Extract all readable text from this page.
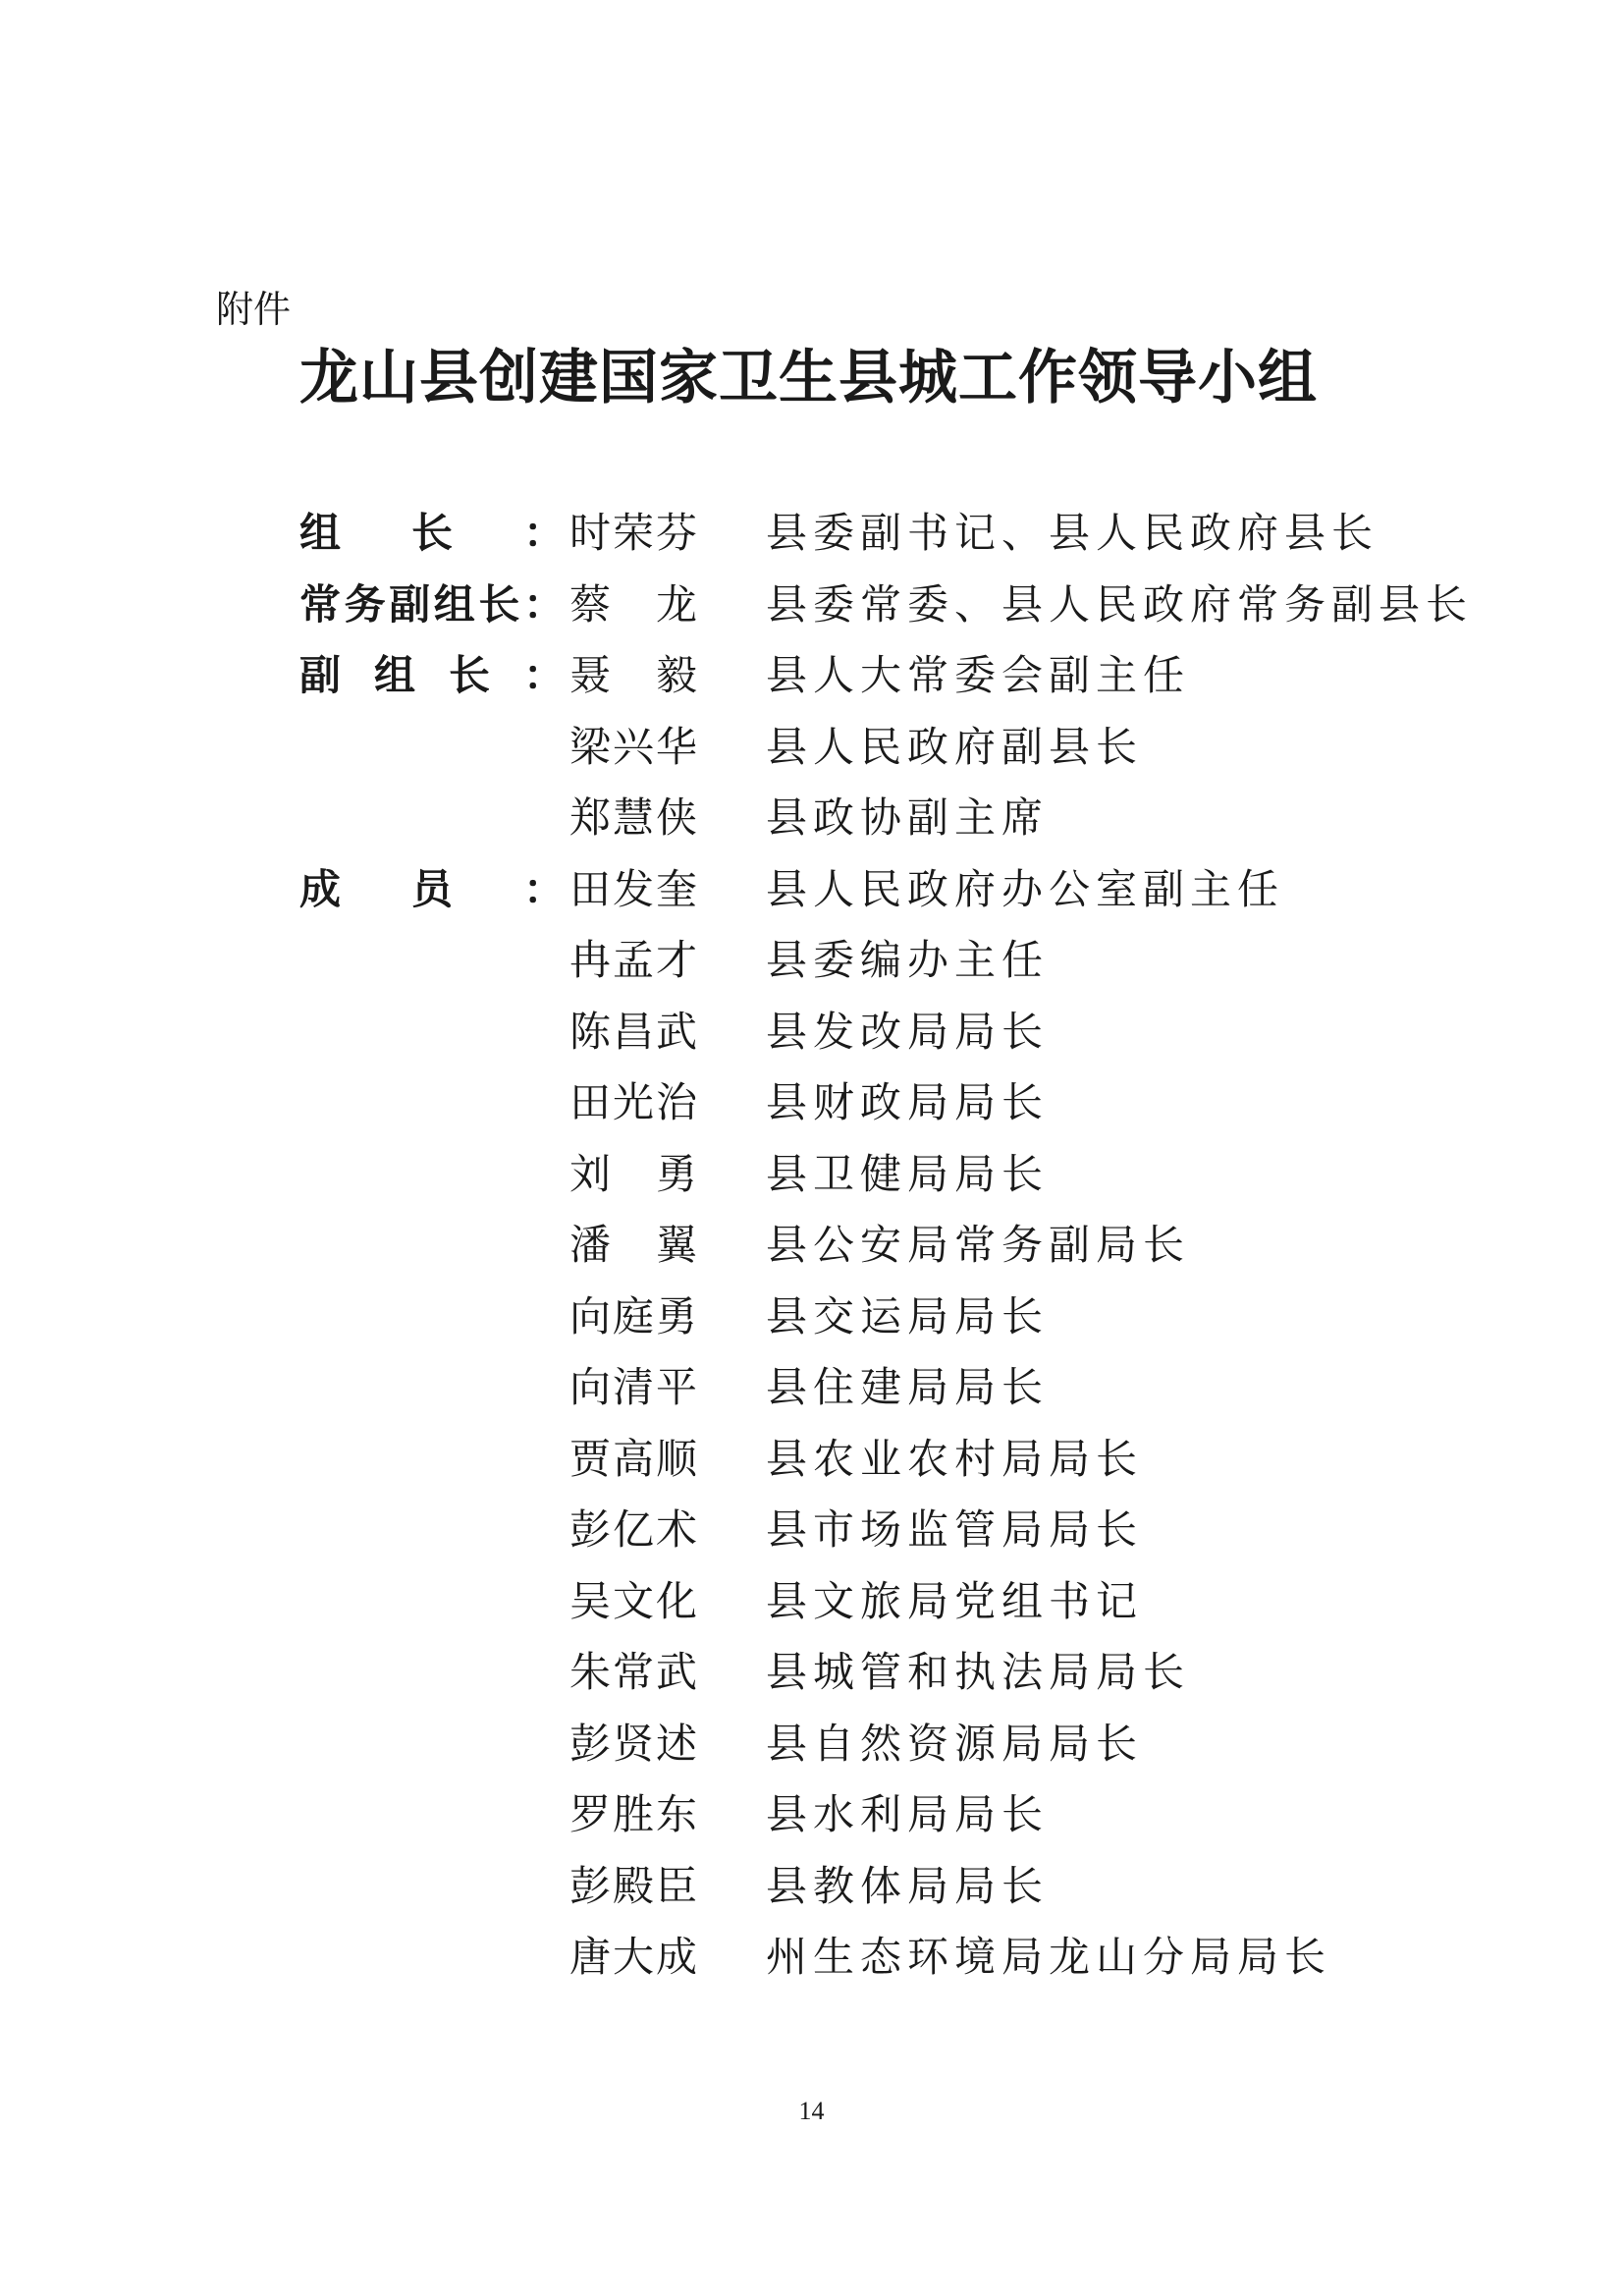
附件
龙山县创建国家卫生县城工作领导小组
组 长 ： 时 荣 芬 县委副书记、县人民政府县长
常 务 副 组 长 ： 蔡 龙 县委常委、县人民政府常务副县长
副 组 长 ： 聂 毅 县人大常委会副主任
梁 兴 华 县人民政府副县长
郑 慧 侠 县政协副主席
成 员 ： 田 发 奎 县人民政府办公室副主任
冉 孟 才 县委编办主任
陈 昌 武 县发改局局长
田 光 治 县财政局局长
刘 勇 县卫健局局长
潘 翼 县公安局常务副局长
向 庭 勇 县交运局局长
向 清 平 县住建局局长
贾 高 顺 县农业农村局局长
彭 亿 术 县市场监管局局长
吴 文 化 县文旅局党组书记
朱 常 武 县城管和执法局局长
彭 贤 述 县自然资源局局长
罗 胜 东 县水利局局长
彭 殿 臣 县教体局局长
唐 大 成 州生态环境局龙山分局局长
14
